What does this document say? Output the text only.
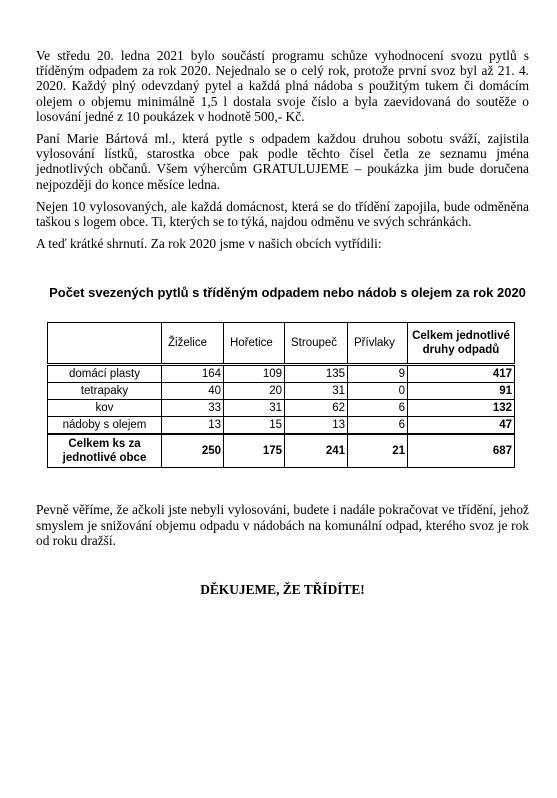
Ve středu 20. ledna 2021 bylo součástí programu schůze vyhodnocení svozu pytlů s tříděným odpadem za rok 2020. Nejednalo se o celý rok, protože první svoz byl až 21. 4. 2020. Každý plný odevzdaný pytel a každá plná nádoba s použitým tukem či domácím olejem o objemu minimálně 1,5 l dostala svoje číslo a byla zaevidovaná do soutěže o losování jedné z 10 poukázek v hodnotě 500,- Kč.

Paní Marie Bártová ml., která pytle s odpadem každou druhou sobotu sváží, zajistila vylosování lístků, starostka obce pak podle těchto čísel četla ze seznamu jména jednotlivých občanů. Všem výhercům GRATULUJEME – poukázka jim bude doručena nejpozději do konce měsíce ledna.

Nejen 10 vylosovaných, ale každá domácnost, která se do třídění zapojila, bude odměněna taškou s logem obce. Ti, kterých se to týká, najdou odměnu ve svých schránkách.

A teď krátké shrnutí. Za rok 2020 jsme v našich obcích vytřídili:

Počet svezených pytlů s tříděným odpadem nebo nádob s olejem za rok 2020
	Žiželice	Hořetice	Stroupeč	Přívlaky	Celkem jednotlivé druhy odpadů
domácí plasty	164	109	135	9	417
tetrapaky	40	20	31	0	91
kov	33	31	62	6	132
nádoby s olejem	13	15	13	6	47
Celkem ks za jednotlivé obce	250	175	241	21	687

Pevně věříme, že ačkoli jste nebyli vylosováni, budete i nadále pokračovat ve třídění, jehož smyslem je snižování objemu odpadu v nádobách na komunální odpad, kterého svoz je rok od roku dražší.

DĚKUJEME, ŽE TŘÍDÍTE!
